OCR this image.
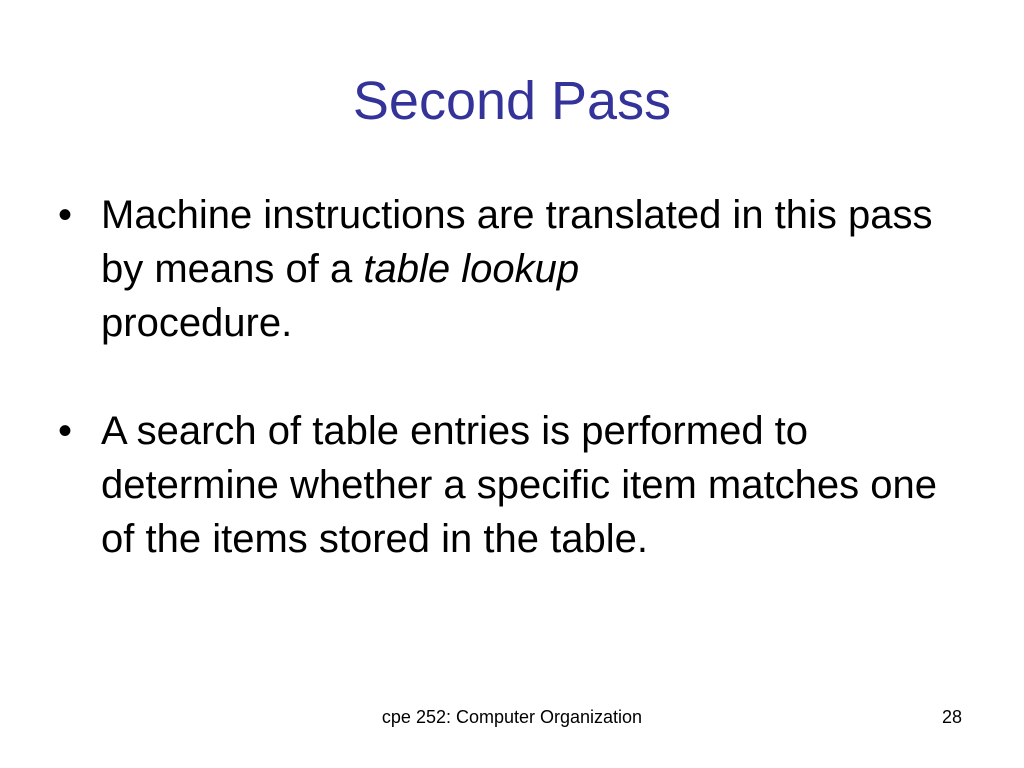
Second Pass
• Machine instructions are translated in this pass by means of a table lookup
procedure.
• A search of table entries is performed to determine whether a specific item matches one of the items stored in the table.
cpe 252: Computer Organization	28
